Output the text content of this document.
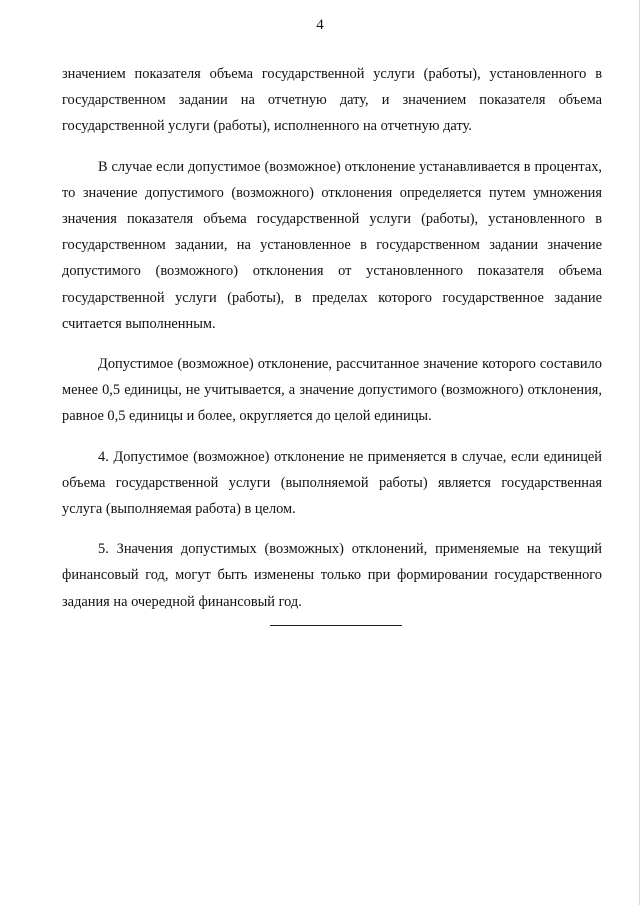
4

значением показателя объема государственной услуги (работы), установленного в государственном задании на отчетную дату, и значением показателя объема государственной услуги (работы), исполненного на отчетную дату.

В случае если допустимое (возможное) отклонение устанавливается в процентах, то значение допустимого (возможного) отклонения определяется путем умножения значения показателя объема государственной услуги (работы), установленного в государственном задании, на установленное в государственном задании значение допустимого (возможного) отклонения от установленного показателя объема государственной услуги (работы), в пределах которого государственное задание считается выполненным.

Допустимое (возможное) отклонение, рассчитанное значение которого составило менее 0,5 единицы, не учитывается, а значение допустимого (возможного) отклонения, равное 0,5 единицы и более, округляется до целой единицы.

4. Допустимое (возможное) отклонение не применяется в случае, если единицей объема государственной услуги (выполняемой работы) является государственная услуга (выполняемая работа) в целом.

5. Значения допустимых (возможных) отклонений, применяемые на текущий финансовый год, могут быть изменены только при формировании государственного задания на очередной финансовый год.
